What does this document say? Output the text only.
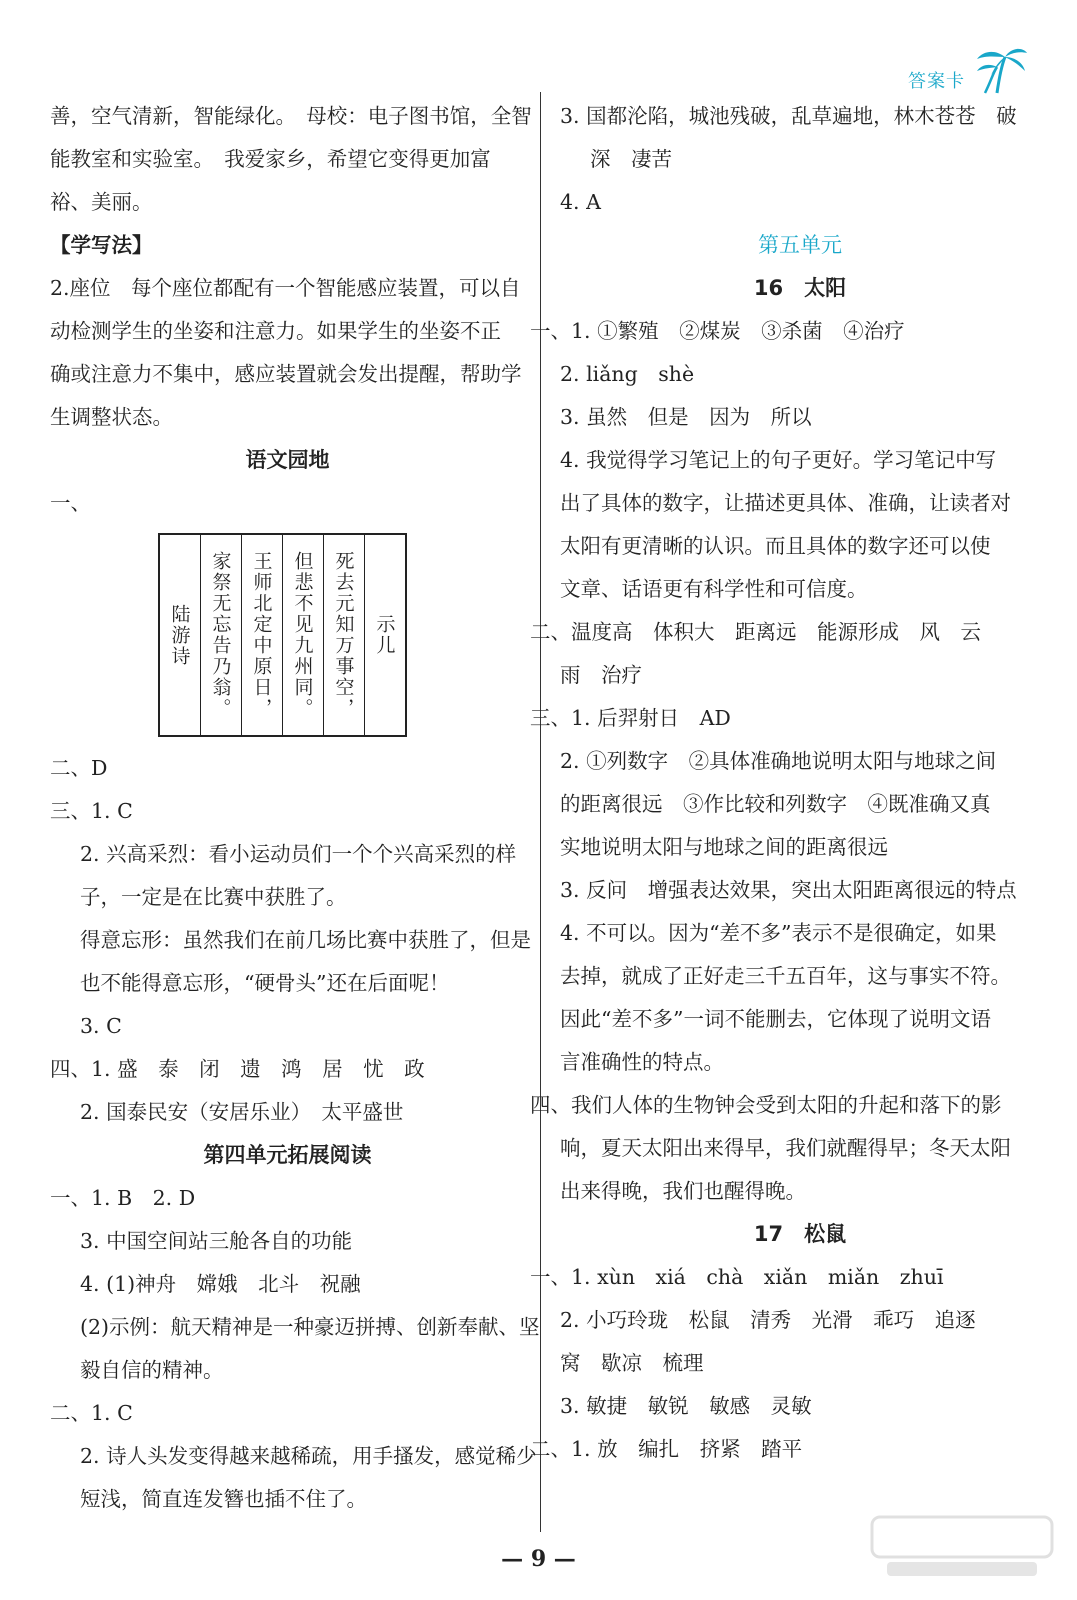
答案卡
善，空气清新，智能绿化。　母校：电子图书馆，全智
能教室和实验室。　我爱家乡，希望它变得更加富
裕、美丽。
【学写法】
2.座位　每个座位都配有一个智能感应装置，可以自
动检测学生的坐姿和注意力。如果学生的坐姿不正
确或注意力不集中，感应装置就会发出提醒，帮助学
生调整状态。
语文园地
一、
陆游诗	家祭无忘告乃翁。	王师北定中原日，	但悲不见九州同。	死去元知万事空，	示儿
二、D
三、1. C
2. 兴高采烈：看小运动员们一个个兴高采烈的样
子，一定是在比赛中获胜了。
得意忘形：虽然我们在前几场比赛中获胜了，但是
也不能得意忘形，“硬骨头”还在后面呢！
3. C
四、1. 盛　泰　闭　遗　鸿　居　忧　政
2. 国泰民安（安居乐业）　太平盛世
第四单元拓展阅读
一、1. B　2. D
3. 中国空间站三舱各自的功能
4. (1)神舟　嫦娥　北斗　祝融
(2)示例：航天精神是一种豪迈拼搏、创新奉献、坚
毅自信的精神。
二、1. C
2. 诗人头发变得越来越稀疏，用手搔发，感觉稀少
短浅，简直连发簪也插不住了。
3. 国都沦陷，城池残破，乱草遍地，林木苍苍　破
深　凄苦
4. A
第五单元
16　太阳
一、1. ①繁殖　②煤炭　③杀菌　④治疗
2. liǎng　shè
3. 虽然　但是　因为　所以
4. 我觉得学习笔记上的句子更好。学习笔记中写
出了具体的数字，让描述更具体、准确，让读者对
太阳有更清晰的认识。而且具体的数字还可以使
文章、话语更有科学性和可信度。
二、温度高　体积大　距离远　能源形成　风　云
雨　治疗
三、1. 后羿射日　AD
2. ①列数字　②具体准确地说明太阳与地球之间
的距离很远　③作比较和列数字　④既准确又真
实地说明太阳与地球之间的距离很远
3. 反问　增强表达效果，突出太阳距离很远的特点
4. 不可以。因为“差不多”表示不是很确定，如果
去掉，就成了正好走三千五百年，这与事实不符。
因此“差不多”一词不能删去，它体现了说明文语
言准确性的特点。
四、我们人体的生物钟会受到太阳的升起和落下的影
响，夏天太阳出来得早，我们就醒得早；冬天太阳
出来得晚，我们也醒得晚。
17　松鼠
一、1. xùn　xiá　chà　xiǎn　miǎn　zhuī
2. 小巧玲珑　松鼠　清秀　光滑　乖巧　追逐
窝　歇凉　梳理
3. 敏捷　敏锐　敏感　灵敏
二、1. 放　编扎　挤紧　踏平
— 9 —
